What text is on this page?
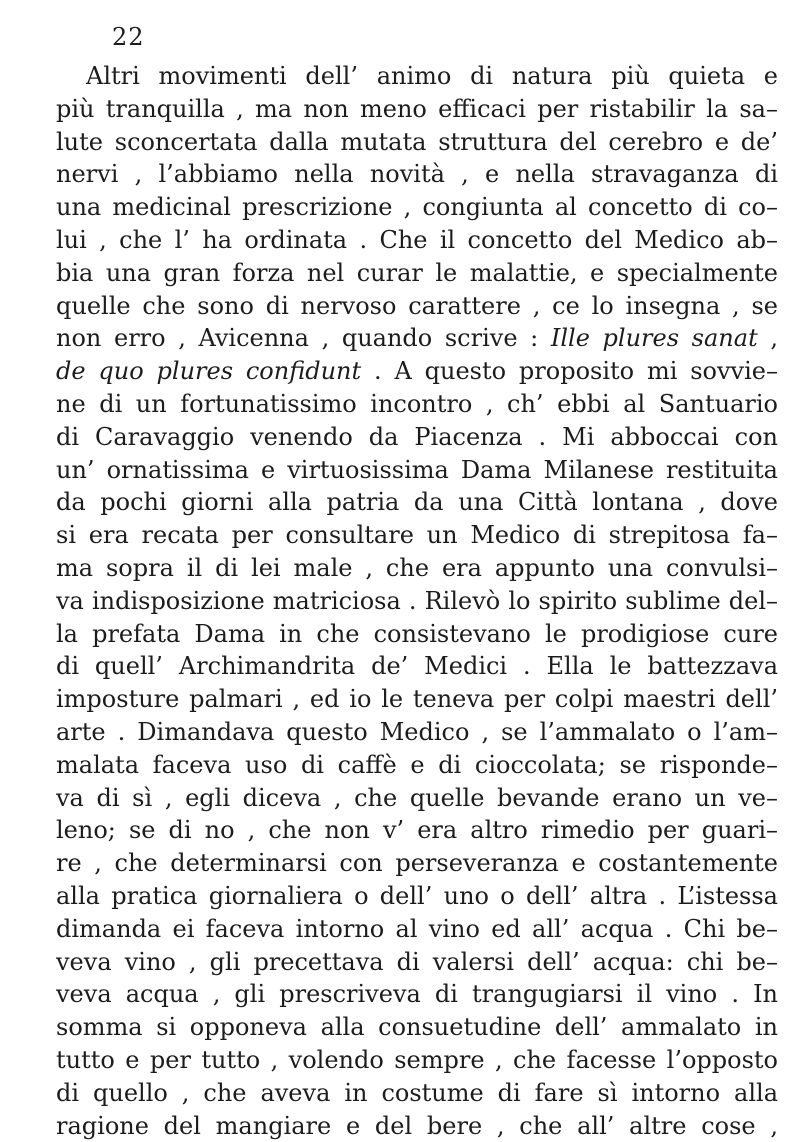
22
Altri movimenti dell’ animo di natura più quieta e
più tranquilla , ma non meno efficaci per ristabilir la sa–
lute sconcertata dalla mutata struttura del cerebro e de’
nervi , l’abbiamo nella novità , e nella stravaganza di
una medicinal prescrizione , congiunta al concetto di co–
lui , che l’ ha ordinata . Che il concetto del Medico ab–
bia una gran forza nel curar le malattie, e specialmente
quelle che sono di nervoso carattere , ce lo insegna , se
non erro , Avicenna , quando scrive : Ille plures sanat ,
de quo plures confidunt . A questo proposito mi sovvie–
ne di un fortunatissimo incontro , ch’ ebbi al Santuario
di Caravaggio venendo da Piacenza . Mi abboccai con
un’ ornatissima e virtuosissima Dama Milanese restituita
da pochi giorni alla patria da una Città lontana , dove
si era recata per consultare un Medico di strepitosa fa–
ma sopra il di lei male , che era appunto una convulsi–
va indisposizione matriciosa . Rilevò lo spirito sublime del–
la prefata Dama in che consistevano le prodigiose cure
di quell’ Archimandrita de’ Medici . Ella le battezzava
imposture palmari , ed io le teneva per colpi maestri dell’
arte . Dimandava questo Medico , se l’ammalato o l’am–
malata faceva uso di caffè e di cioccolata; se risponde–
va di sì , egli diceva , che quelle bevande erano un ve–
leno; se di no , che non v’ era altro rimedio per guari–
re , che determinarsi con perseveranza e costantemente
alla pratica giornaliera o dell’ uno o dell’ altra . L’istessa
dimanda ei faceva intorno al vino ed all’ acqua . Chi be–
veva vino , gli precettava di valersi dell’ acqua: chi be–
veva acqua , gli prescriveva di trangugiarsi il vino . In
somma si opponeva alla consuetudine dell’ ammalato in
tutto e per tutto , volendo sempre , che facesse l’opposto
di quello , che aveva in costume di fare sì intorno alla
ragione del mangiare e del bere , che all’ altre cose ,
